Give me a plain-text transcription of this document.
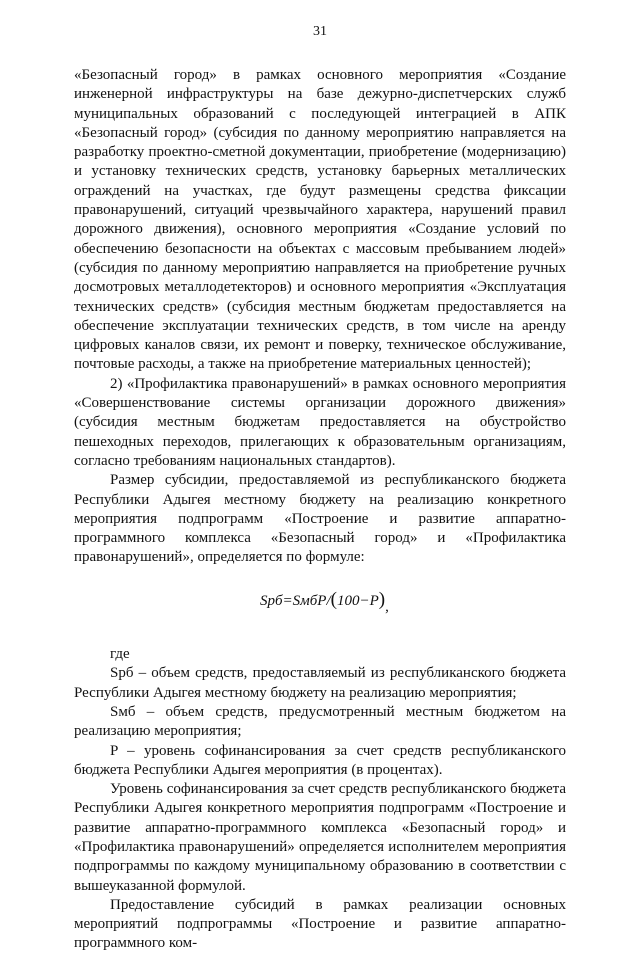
31

«Безопасный город» в рамках основного мероприятия «Создание инженерной инфраструктуры на базе дежурно-диспетчерских служб муниципальных образований с последующей интеграцией в АПК «Безопасный город» (субсидия по данному мероприятию направляется на разработку проектно-сметной документации, приобретение (модернизацию) и установку технических средств, установку барьерных металлических ограждений на участках, где будут размещены средства фиксации правонарушений, ситуаций чрезвычайного характера, нарушений правил дорожного движения), основного мероприятия «Создание условий по обеспечению безопасности на объектах с массовым пребыванием людей» (субсидия по данному мероприятию направляется на приобретение ручных досмотровых металлодетекторов) и основного мероприятия «Эксплуатация технических средств» (субсидия местным бюджетам предоставляется на обеспечение эксплуатации технических средств, в том числе на аренду цифровых каналов связи, их ремонт и поверку, техническое обслуживание, почтовые расходы, а также на приобретение материальных ценностей);

2) «Профилактика правонарушений» в рамках основного мероприятия «Совершенствование системы организации дорожного движения» (субсидия местным бюджетам предоставляется на обустройство пешеходных переходов, прилегающих к образовательным организациям, согласно требованиям национальных стандартов).

Размер субсидии, предоставляемой из республиканского бюджета Республики Адыгея местному бюджету на реализацию конкретного мероприятия подпрограмм «Построение и развитие аппаратно-программного комплекса «Безопасный город» и «Профилактика правонарушений», определяется по формуле:

Sрб=SмбP/(100−P),

где

Sрб – объем средств, предоставляемый из республиканского бюджета Республики Адыгея местному бюджету на реализацию мероприятия;

Sмб – объем средств, предусмотренный местным бюджетом на реализацию мероприятия;

P – уровень софинансирования за счет средств республиканского бюджета Республики Адыгея мероприятия (в процентах).

Уровень софинансирования за счет средств республиканского бюджета Республики Адыгея конкретного мероприятия подпрограмм «Построение и развитие аппаратно-программного комплекса «Безопасный город» и «Профилактика правонарушений» определяется исполнителем мероприятия подпрограммы по каждому муниципальному образованию в соответствии с вышеуказанной формулой.

Предоставление субсидий в рамках реализации основных мероприятий подпрограммы «Построение и развитие аппаратно-программного ком-
